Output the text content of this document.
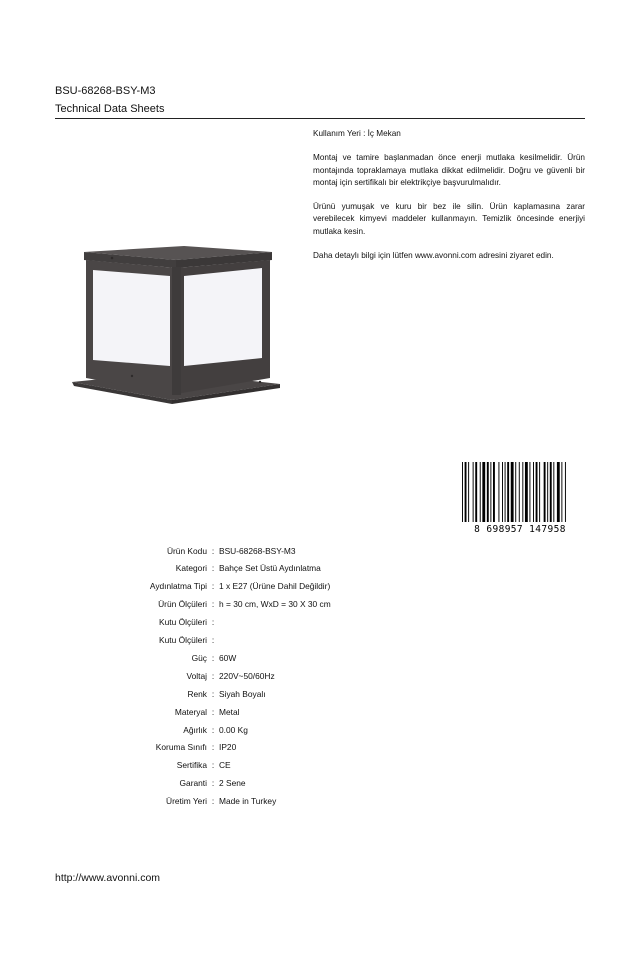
BSU-68268-BSY-M3
Technical Data Sheets

Kullanım Yeri : İç Mekan

Montaj ve tamire başlanmadan önce enerji mutlaka kesilmelidir. Ürün montajında topraklamaya mutlaka dikkat edilmelidir. Doğru ve güvenli bir montaj için sertifikalı bir elektrikçiye başvurulmalıdır.

Ürünü yumuşak ve kuru bir bez ile silin. Ürün kaplamasına zarar verebilecek kimyevi maddeler kullanmayın. Temizlik öncesinde enerjiyi mutlaka kesin.

Daha detaylı bilgi için lütfen www.avonni.com adresini ziyaret edin.

8 698957 147958
Ürün Kodu : BSU-68268-BSY-M3
Kategori : Bahçe Set Üstü Aydınlatma
Aydınlatma Tipi : 1 x E27 (Ürüne Dahil Değildir)
Ürün Ölçüleri : h = 30 cm, WxD = 30 X 30 cm
Kutu Ölçüleri :
Kutu Ölçüleri :
Güç : 60W
Voltaj : 220V~50/60Hz
Renk : Siyah Boyalı
Materyal : Metal
Ağırlık : 0.00 Kg
Koruma Sınıfı : IP20
Sertifika : CE
Garanti : 2 Sene
Üretim Yeri : Made in Turkey
http://www.avonni.com
